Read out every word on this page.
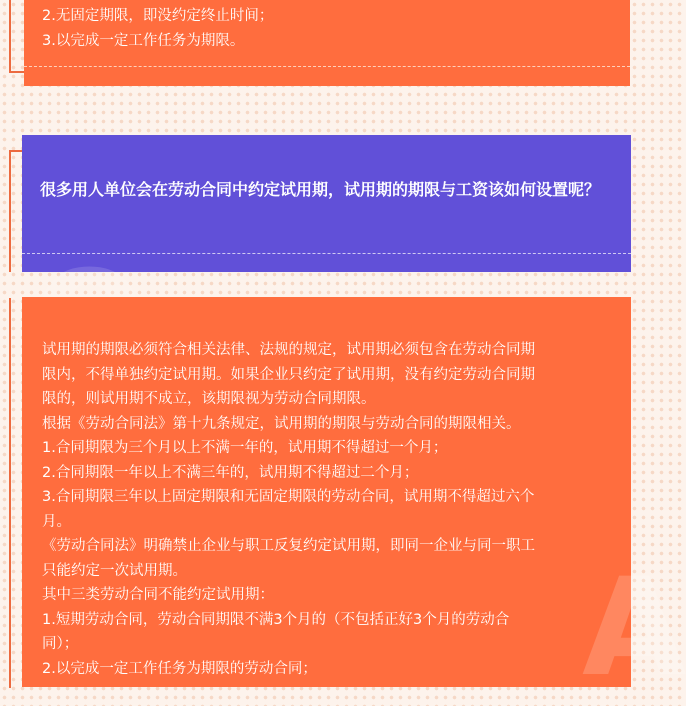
2.无固定期限，即没约定终止时间；
3.以完成一定工作任务为期限。

很多用人单位会在劳动合同中约定试用期，试用期的期限与工资该如何设置呢？

A
试用期的期限必须符合相关法律、法规的规定，试用期必须包含在劳动合同期
限内，不得单独约定试用期。如果企业只约定了试用期，没有约定劳动合同期
限的，则试用期不成立，该期限视为劳动合同期限。
根据《劳动合同法》第十九条规定，试用期的期限与劳动合同的期限相关。
1.合同期限为三个月以上不满一年的，试用期不得超过一个月；
2.合同期限一年以上不满三年的，试用期不得超过二个月；
3.合同期限三年以上固定期限和无固定期限的劳动合同，试用期不得超过六个
月。
《劳动合同法》明确禁止企业与职工反复约定试用期，即同一企业与同一职工
只能约定一次试用期。
其中三类劳动合同不能约定试用期：
1.短期劳动合同，劳动合同期限不满3个月的（不包括正好3个月的劳动合
同）；
2.以完成一定工作任务为期限的劳动合同；
